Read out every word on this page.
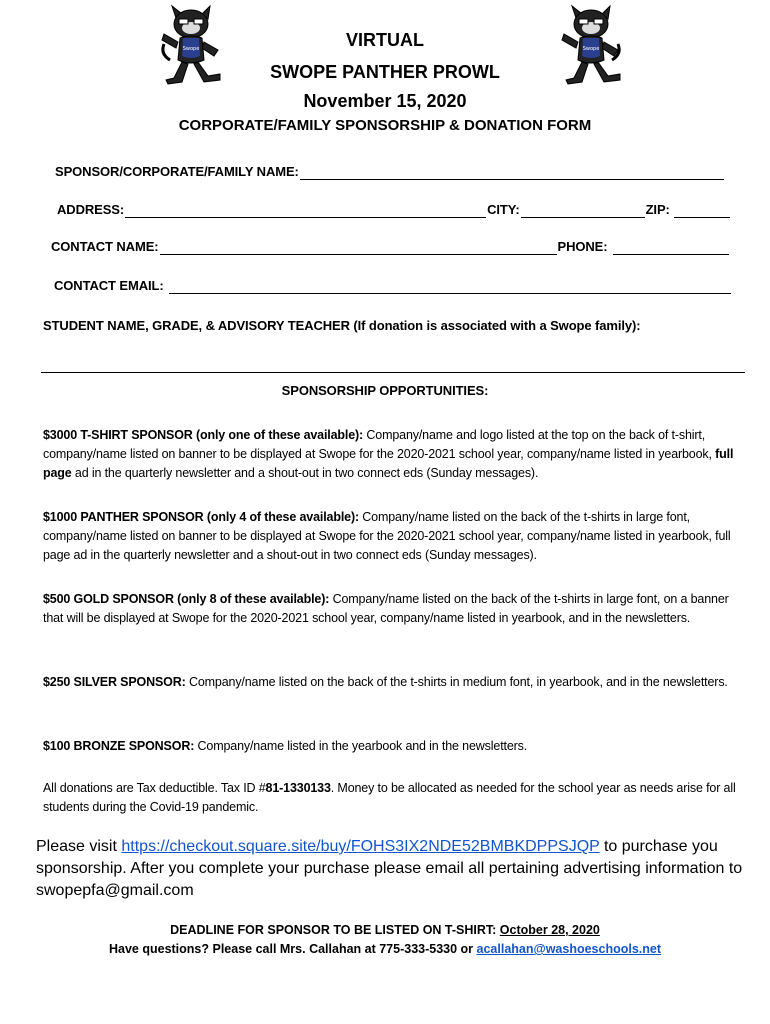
Swope	Swope
VIRTUAL
SWOPE PANTHER PROWL
November 15, 2020
CORPORATE/FAMILY SPONSORSHIP & DONATION FORM
SPONSOR/CORPORATE/FAMILY NAME:
ADDRESS:	CITY:	ZIP:
CONTACT NAME:	PHONE:
CONTACT EMAIL:
STUDENT NAME, GRADE, & ADVISORY TEACHER (If donation is associated with a Swope family):
SPONSORSHIP OPPORTUNITIES:
$3000 T-SHIRT SPONSOR (only one of these available): Company/name and logo listed at the top on the back of t-shirt, company/name listed on banner to be displayed at Swope for the 2020-2021 school year, company/name listed in yearbook, full page ad in the quarterly newsletter and a shout-out in two connect eds (Sunday messages).
$1000 PANTHER SPONSOR (only 4 of these available): Company/name listed on the back of the t-shirts in large font, company/name listed on banner to be displayed at Swope for the 2020-2021 school year, company/name listed in yearbook, full page ad in the quarterly newsletter and a shout-out in two connect eds (Sunday messages).
$500 GOLD SPONSOR (only 8 of these available): Company/name listed on the back of the t-shirts in large font, on a banner that will be displayed at Swope for the 2020-2021 school year, company/name listed in yearbook, and in the newsletters.
$250 SILVER SPONSOR: Company/name listed on the back of the t-shirts in medium font, in yearbook, and in the newsletters.
$100 BRONZE SPONSOR: Company/name listed in the yearbook and in the newsletters.
All donations are Tax deductible. Tax ID #81-1330133. Money to be allocated as needed for the school year as needs arise for all students during the Covid-19 pandemic.
Please visit https://checkout.square.site/buy/FOHS3IX2NDE52BMBKDPPSJQP to purchase you sponsorship. After you complete your purchase please email all pertaining advertising information to swopepfa@gmail.com
DEADLINE FOR SPONSOR TO BE LISTED ON T-SHIRT: October 28, 2020
Have questions? Please call Mrs. Callahan at 775-333-5330 or acallahan@washoeschools.net
